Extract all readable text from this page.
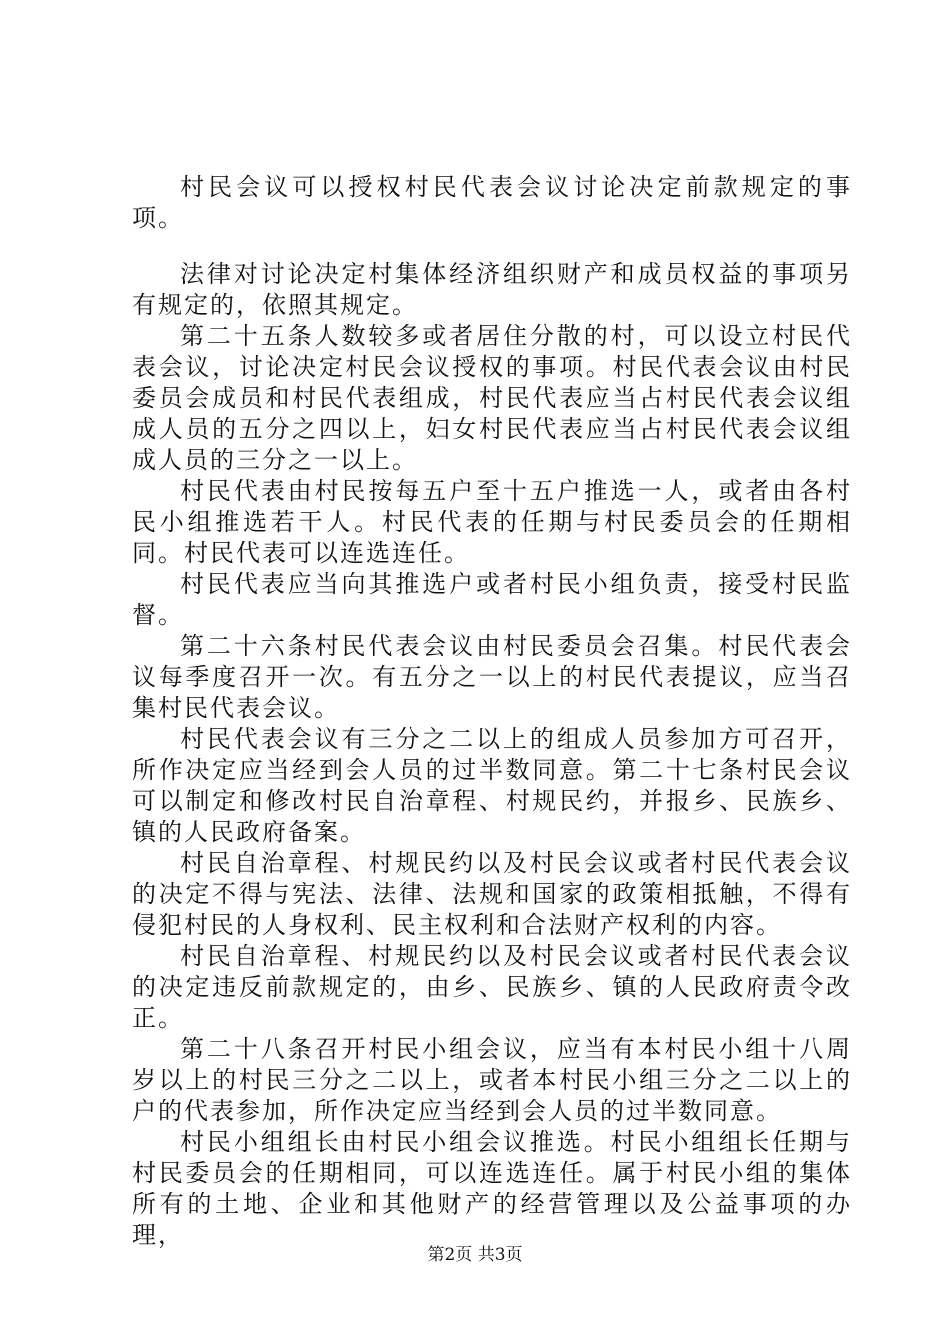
村民会议可以授权村民代表会议讨论决定前款规定的事项。

法律对讨论决定村集体经济组织财产和成员权益的事项另有规定的，依照其规定。

第二十五条人数较多或者居住分散的村，可以设立村民代表会议，讨论决定村民会议授权的事项。村民代表会议由村民委员会成员和村民代表组成，村民代表应当占村民代表会议组成人员的五分之四以上，妇女村民代表应当占村民代表会议组成人员的三分之一以上。

村民代表由村民按每五户至十五户推选一人，或者由各村民小组推选若干人。村民代表的任期与村民委员会的任期相同。村民代表可以连选连任。

村民代表应当向其推选户或者村民小组负责，接受村民监督。

第二十六条村民代表会议由村民委员会召集。村民代表会议每季度召开一次。有五分之一以上的村民代表提议，应当召集村民代表会议。

村民代表会议有三分之二以上的组成人员参加方可召开，所作决定应当经到会人员的过半数同意。第二十七条村民会议可以制定和修改村民自治章程、村规民约，并报乡、民族乡、镇的人民政府备案。

村民自治章程、村规民约以及村民会议或者村民代表会议的决定不得与宪法、法律、法规和国家的政策相抵触，不得有侵犯村民的人身权利、民主权利和合法财产权利的内容。

村民自治章程、村规民约以及村民会议或者村民代表会议的决定违反前款规定的，由乡、民族乡、镇的人民政府责令改正。

第二十八条召开村民小组会议，应当有本村民小组十八周岁以上的村民三分之二以上，或者本村民小组三分之二以上的户的代表参加，所作决定应当经到会人员的过半数同意。

村民小组组长由村民小组会议推选。村民小组组长任期与村民委员会的任期相同，可以连选连任。属于村民小组的集体所有的土地、企业和其他财产的经营管理以及公益事项的办理，

第2页 共3页
